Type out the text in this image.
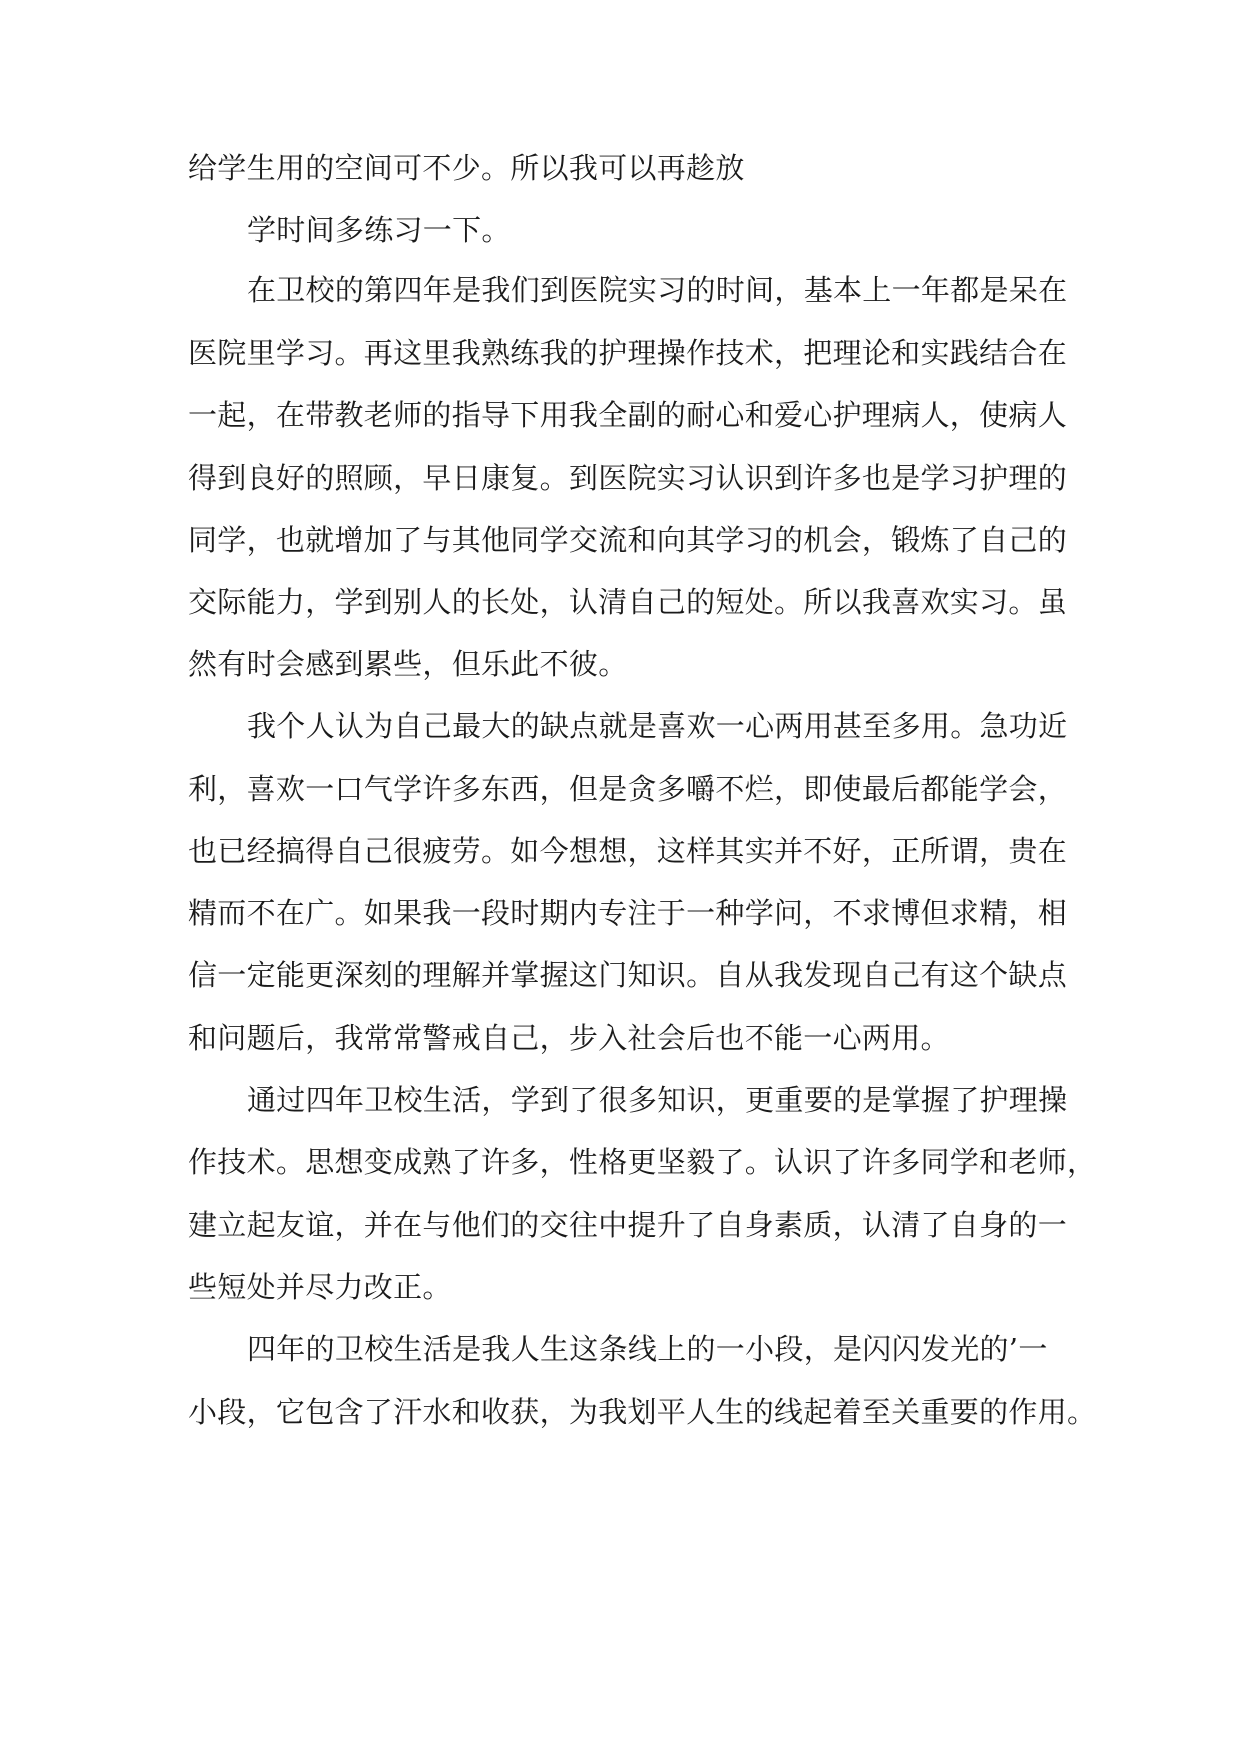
给学生用的空间可不少。所以我可以再趁放
学时间多练习一下。
在卫校的第四年是我们到医院实习的时间，基本上一年都是呆在
医院里学习。再这里我熟练我的护理操作技术，把理论和实践结合在
一起，在带教老师的指导下用我全副的耐心和爱心护理病人，使病人
得到良好的照顾，早日康复。到医院实习认识到许多也是学习护理的
同学，也就增加了与其他同学交流和向其学习的机会，锻炼了自己的
交际能力，学到别人的长处，认清自己的短处。所以我喜欢实习。虽
然有时会感到累些，但乐此不彼。
我个人认为自己最大的缺点就是喜欢一心两用甚至多用。急功近
利，喜欢一口气学许多东西，但是贪多嚼不烂，即使最后都能学会，
也已经搞得自己很疲劳。如今想想，这样其实并不好，正所谓，贵在
精而不在广。如果我一段时期内专注于一种学问，不求博但求精，相
信一定能更深刻的理解并掌握这门知识。自从我发现自己有这个缺点
和问题后，我常常警戒自己，步入社会后也不能一心两用。
通过四年卫校生活，学到了很多知识，更重要的是掌握了护理操
作技术。思想变成熟了许多，性格更坚毅了。认识了许多同学和老师，
建立起友谊，并在与他们的交往中提升了自身素质，认清了自身的一
些短处并尽力改正。
四年的卫校生活是我人生这条线上的一小段，是闪闪发光的’一
小段，它包含了汗水和收获，为我划平人生的线起着至关重要的作用。
